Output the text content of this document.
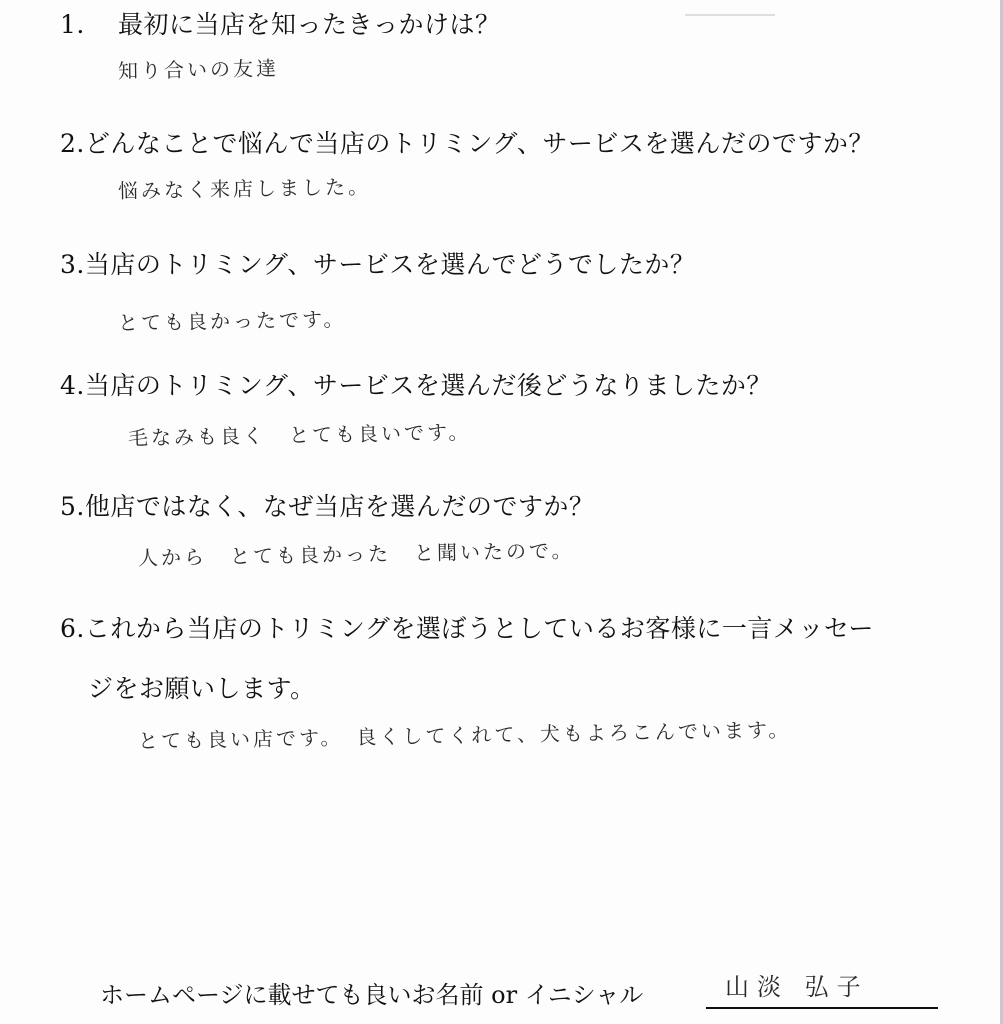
1. 最初に当店を知ったきっかけは？
知り合いの友達
2.どんなことで悩んで当店のトリミング、サービスを選んだのですか？
悩みなく来店しました。
3.当店のトリミング、サービスを選んでどうでしたか？
とても良かったです。
4.当店のトリミング、サービスを選んだ後どうなりましたか？
毛なみも良く　とても良いです。
5.他店ではなく、なぜ当店を選んだのですか？
人から　とても良かった　と聞いたので。
6.これから当店のトリミングを選ぼうとしているお客様に一言メッセー
ジをお願いします。
とても良い店です。　良くしてくれて、犬もよろこんでいます。
ホームページに載せても良いお名前 or イニシャル	山淡 弘子
